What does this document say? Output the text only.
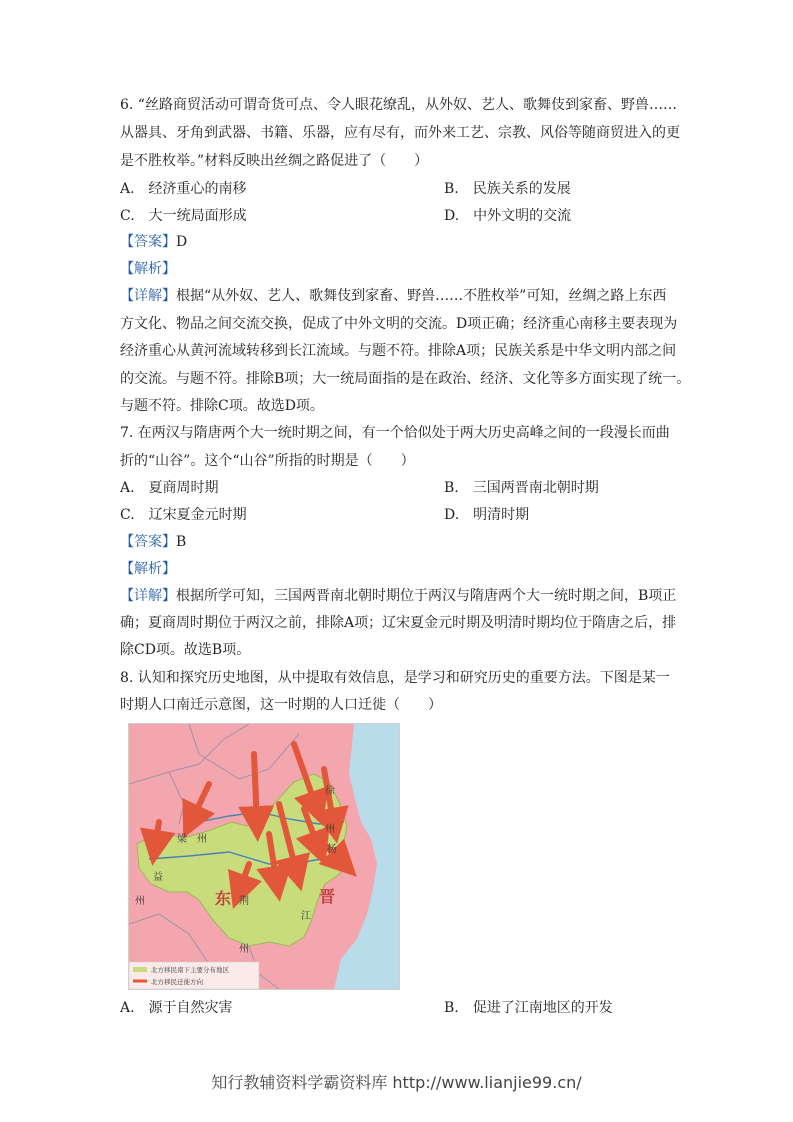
6. “丝路商贸活动可谓奇货可点、令人眼花缭乱，从外奴、艺人、歌舞伎到家畜、野兽……
从器具、牙角到武器、书籍、乐器，应有尽有，而外来工艺、宗教、风俗等随商贸进入的更
是不胜枚举。”材料反映出丝绸之路促进了（　　）
A.　经济重心的南移	B.　民族关系的发展
C.　大一统局面形成	D.　中外文明的交流
【答案】D
【解析】
【详解】根据“从外奴、艺人、歌舞伎到家畜、野兽……不胜枚举”可知，丝绸之路上东西
方文化、物品之间交流交换，促成了中外文明的交流。D项正确；经济重心南移主要表现为
经济重心从黄河流域转移到长江流域。与题不符。排除A项；民族关系是中华文明内部之间
的交流。与题不符。排除B项；大一统局面指的是在政治、经济、文化等多方面实现了统一。
与题不符。排除C项。故选D项。
7. 在两汉与隋唐两个大一统时期之间，有一个恰似处于两大历史高峰之间的一段漫长而曲
折的“山谷”。这个“山谷”所指的时期是（　　）
A.　夏商周时期	B.　三国两晋南北朝时期
C.　辽宋夏金元时期	D.　明清时期
【答案】B
【解析】
【详解】根据所学可知，三国两晋南北朝时期位于两汉与隋唐两个大一统时期之间，B项正
确；夏商周时期位于两汉之前，排除A项；辽宋夏金元时期及明清时期均位于隋唐之后，排
除CD项。故选B项。
8. 认知和探究历史地图，从中提取有效信息，是学习和研究历史的重要方法。下图是某一
时期人口南迁示意图，这一时期的人口迁徙（　　）
梁　州
益
州	荆
州
江
徐
州
扬
东	晋
北方移民南下主要分布地区
北方移民迁徙方向
A.　源于自然灾害	B.　促进了江南地区的开发
知行教辅资料学霸资料库 http://www.lianjie99.cn/
